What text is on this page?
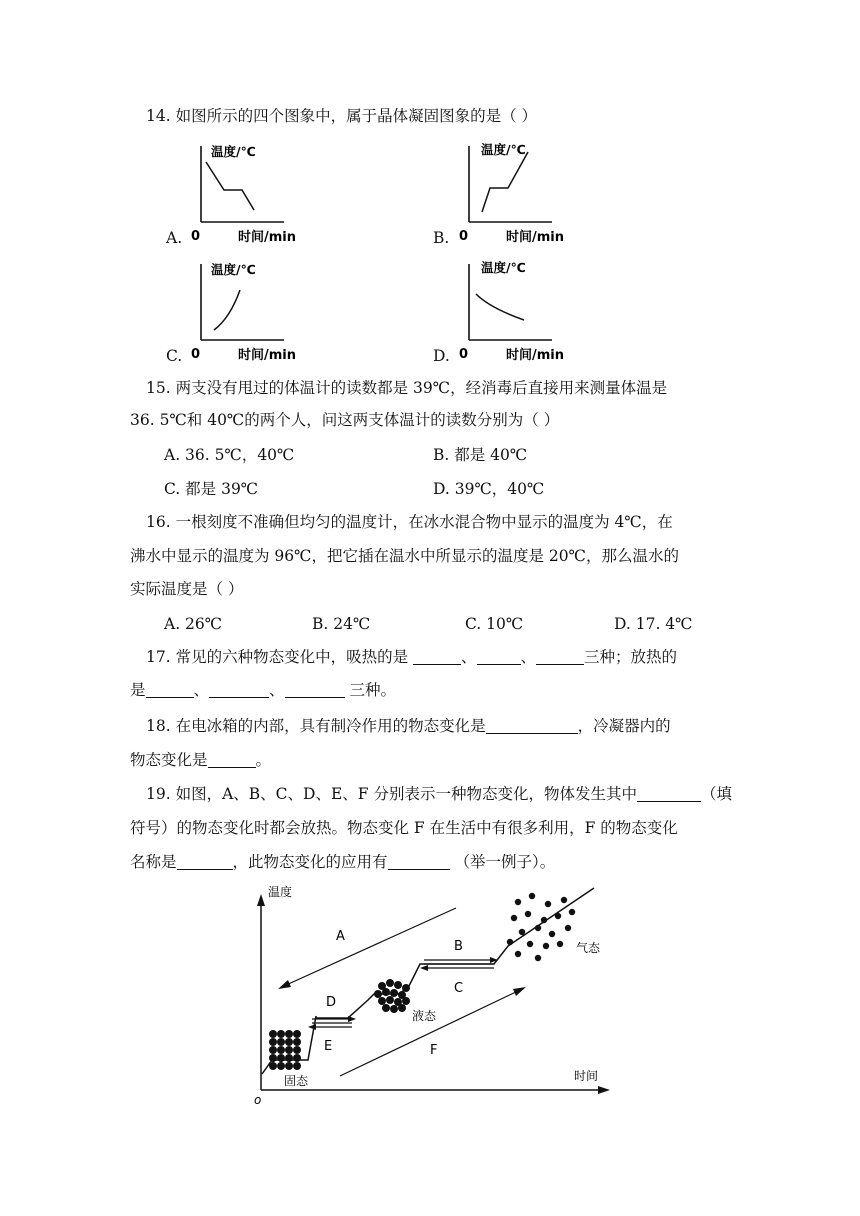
14. 如图所示的四个图象中，属于晶体凝固图象的是（ ）
A.
温度/℃
0	时间/min	B.
温度/℃
0	时间/min
C.
温度/℃
0	时间/min	D.
温度/℃
0	时间/min
15. 两支没有甩过的体温计的读数都是 39℃，经消毒后直接用来测量体温是
36. 5℃和 40℃的两个人，问这两支体温计的读数分别为（ ）
A. 36. 5℃，40℃	B. 都是 40℃
C. 都是 39℃	D. 39℃，40℃
16. 一根刻度不准确但均匀的温度计，在冰水混合物中显示的温度为 4℃，在
沸水中显示的温度为 96℃，把它插在温水中所显示的温度是 20℃，那么温水的
实际温度是（ ）
A. 26℃	B. 24℃	C. 10℃	D. 17. 4℃
17. 常见的六种物态变化中，吸热的是	、	、	三种；放热的
是	、	、	三种。
18. 在电冰箱的内部，具有制冷作用的物态变化是	，冷凝器内的
物态变化是	。
19. 如图，A、B、C、D、E、F 分别表示一种物态变化，物体发生其中	（填
符号）的物态变化时都会放热。物态变化 F 在生活中有很多利用，F 的物态变化
名称是	，此物态变化的应用有	（举一例子）。
温度
时间
o
D
E
B
C
A
F
固态
液态
气态
